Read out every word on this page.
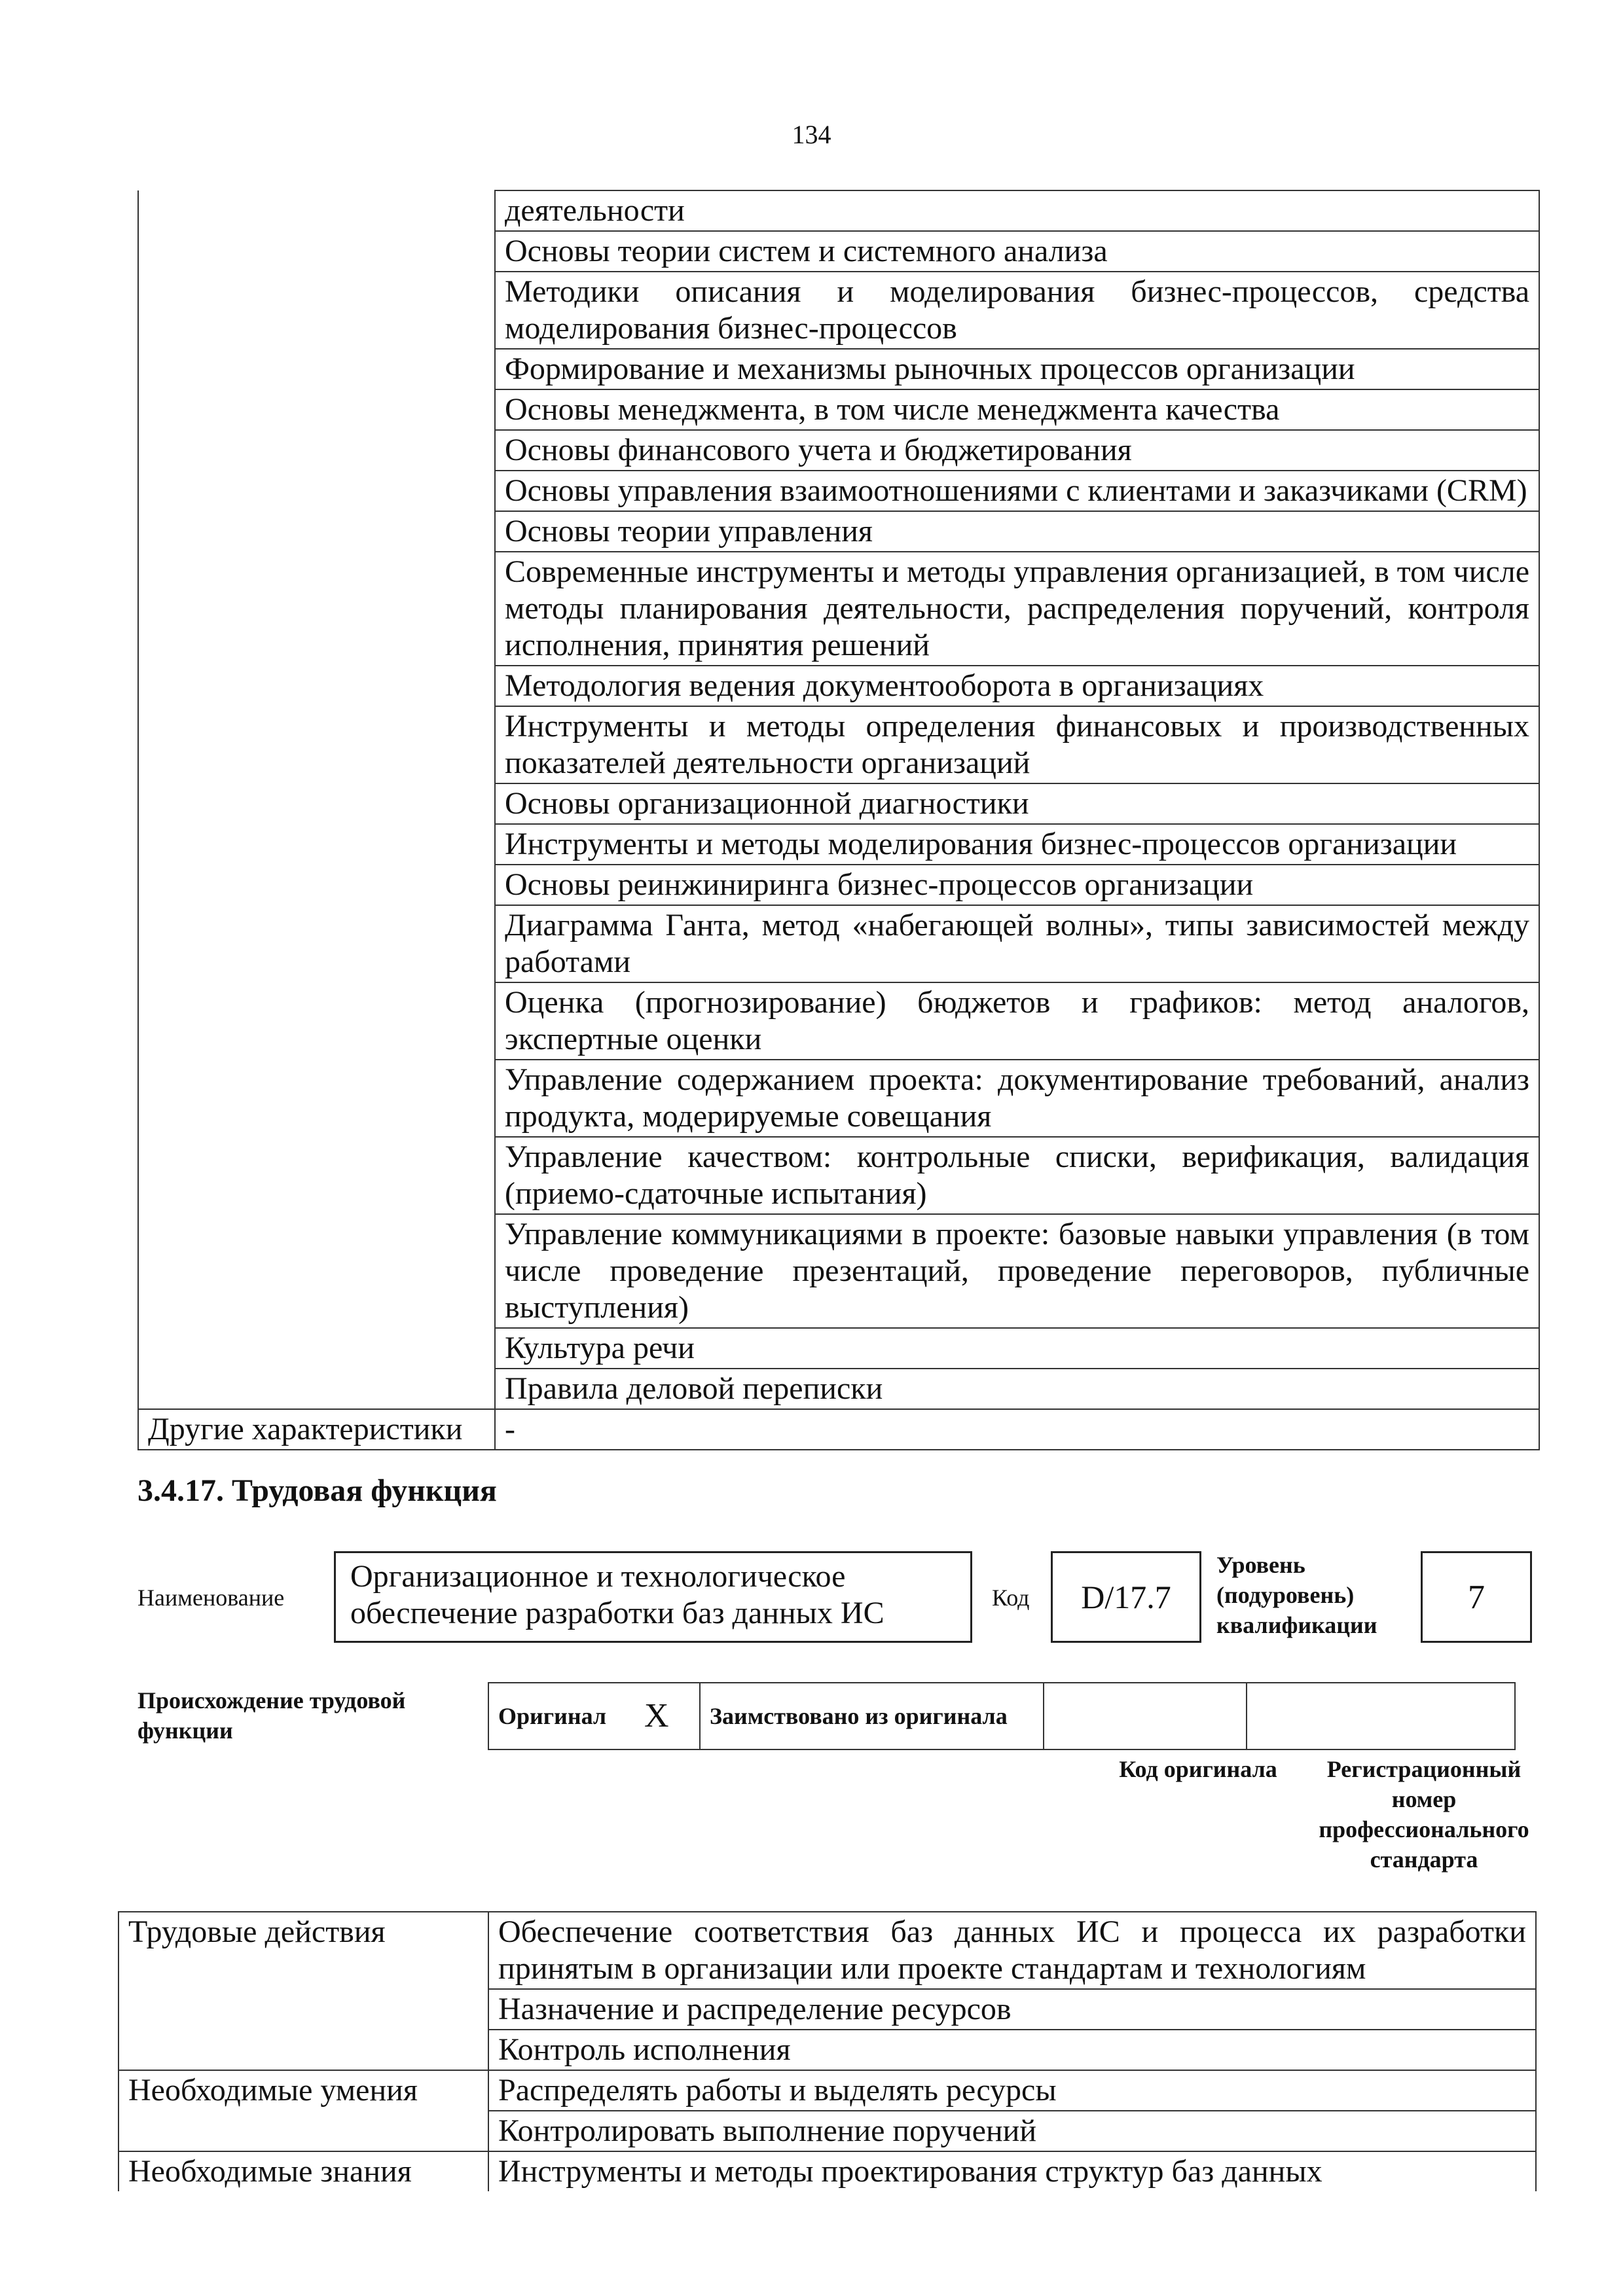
134
	деятельности
	Основы теории систем и системного анализа
	Методики описания и моделирования бизнес-процессов, средства моделирования бизнес-процессов
	Формирование и механизмы рыночных процессов организации
	Основы менеджмента, в том числе менеджмента качества
	Основы финансового учета и бюджетирования
	Основы управления взаимоотношениями с клиентами и заказчиками (CRM)
	Основы теории управления
	Современные инструменты и методы управления организацией, в том числе методы планирования деятельности, распределения поручений, контроля исполнения, принятия решений
	Методология ведения документооборота в организациях
	Инструменты и методы определения финансовых и производственных показателей деятельности организаций
	Основы организационной диагностики
	Инструменты и методы моделирования бизнес-процессов организации
	Основы реинжиниринга бизнес-процессов организации
	Диаграмма Ганта, метод «набегающей волны», типы зависимостей между работами
	Оценка (прогнозирование) бюджетов и графиков: метод аналогов, экспертные оценки
	Управление содержанием проекта: документирование требований, анализ продукта, модерируемые совещания
	Управление качеством: контрольные списки, верификация, валидация (приемо-сдаточные испытания)
	Управление коммуникациями в проекте: базовые навыки управления (в том числе проведение презентаций, проведение переговоров, публичные выступления)
	Культура речи
	Правила деловой переписки
Другие характеристики	-
3.4.17. Трудовая функция
Наименование
Организационное и технологическое обеспечение разработки баз данных ИС	Код	D/17.7
Уровень (подуровень) квалификации
7
Происхождение трудовой функции
Оригинал	X	Заимствовано из оригинала		
Код оригинала	Регистрационный номер профессионального стандарта
Трудовые действия	Обеспечение соответствия баз данных ИС и процесса их разработки принятым в организации или проекте стандартам и технологиям
	Назначение и распределение ресурсов
	Контроль исполнения
Необходимые умения	Распределять работы и выделять ресурсы
	Контролировать выполнение поручений
Необходимые знания	Инструменты и методы проектирования структур баз данных
